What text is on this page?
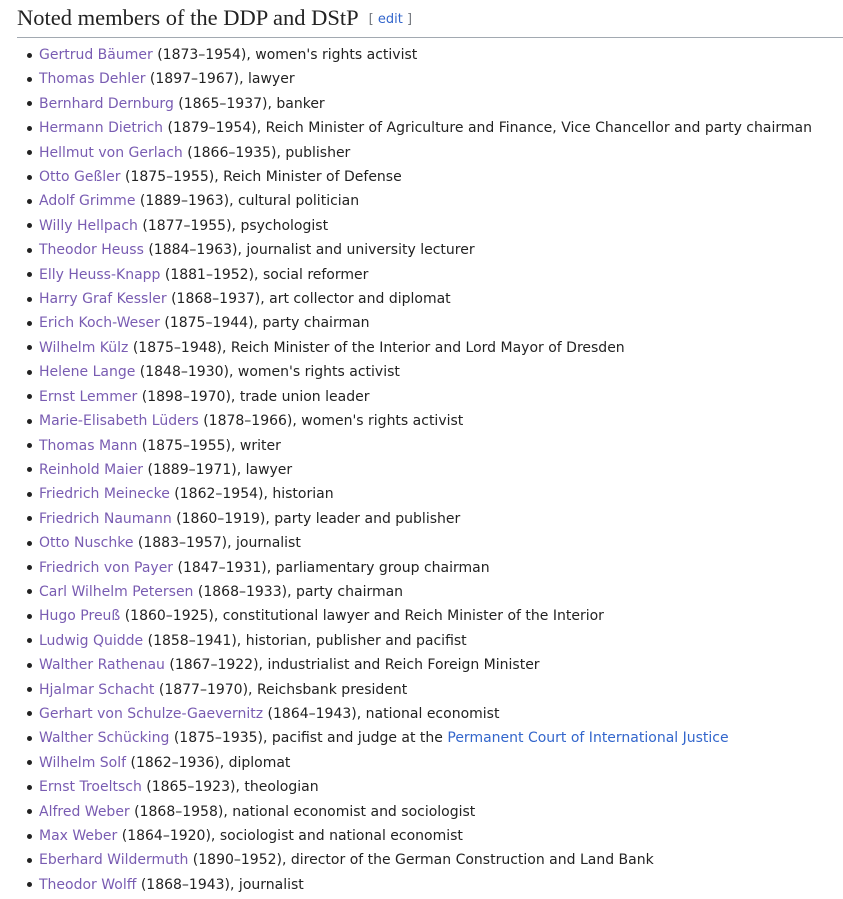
Noted members of the DDP and DStP [ edit ]
Gertrud Bäumer (1873–1954), women's rights activist
Thomas Dehler (1897–1967), lawyer
Bernhard Dernburg (1865–1937), banker
Hermann Dietrich (1879–1954), Reich Minister of Agriculture and Finance, Vice Chancellor and party chairman
Hellmut von Gerlach (1866–1935), publisher
Otto Geßler (1875–1955), Reich Minister of Defense
Adolf Grimme (1889–1963), cultural politician
Willy Hellpach (1877–1955), psychologist
Theodor Heuss (1884–1963), journalist and university lecturer
Elly Heuss-Knapp (1881–1952), social reformer
Harry Graf Kessler (1868–1937), art collector and diplomat
Erich Koch-Weser (1875–1944), party chairman
Wilhelm Külz (1875–1948), Reich Minister of the Interior and Lord Mayor of Dresden
Helene Lange (1848–1930), women's rights activist
Ernst Lemmer (1898–1970), trade union leader
Marie-Elisabeth Lüders (1878–1966), women's rights activist
Thomas Mann (1875–1955), writer
Reinhold Maier (1889–1971), lawyer
Friedrich Meinecke (1862–1954), historian
Friedrich Naumann (1860–1919), party leader and publisher
Otto Nuschke (1883–1957), journalist
Friedrich von Payer (1847–1931), parliamentary group chairman
Carl Wilhelm Petersen (1868–1933), party chairman
Hugo Preuß (1860–1925), constitutional lawyer and Reich Minister of the Interior
Ludwig Quidde (1858–1941), historian, publisher and pacifist
Walther Rathenau (1867–1922), industrialist and Reich Foreign Minister
Hjalmar Schacht (1877–1970), Reichsbank president
Gerhart von Schulze-Gaevernitz (1864–1943), national economist
Walther Schücking (1875–1935), pacifist and judge at the Permanent Court of International Justice
Wilhelm Solf (1862–1936), diplomat
Ernst Troeltsch (1865–1923), theologian
Alfred Weber (1868–1958), national economist and sociologist
Max Weber (1864–1920), sociologist and national economist
Eberhard Wildermuth (1890–1952), director of the German Construction and Land Bank
Theodor Wolff (1868–1943), journalist
